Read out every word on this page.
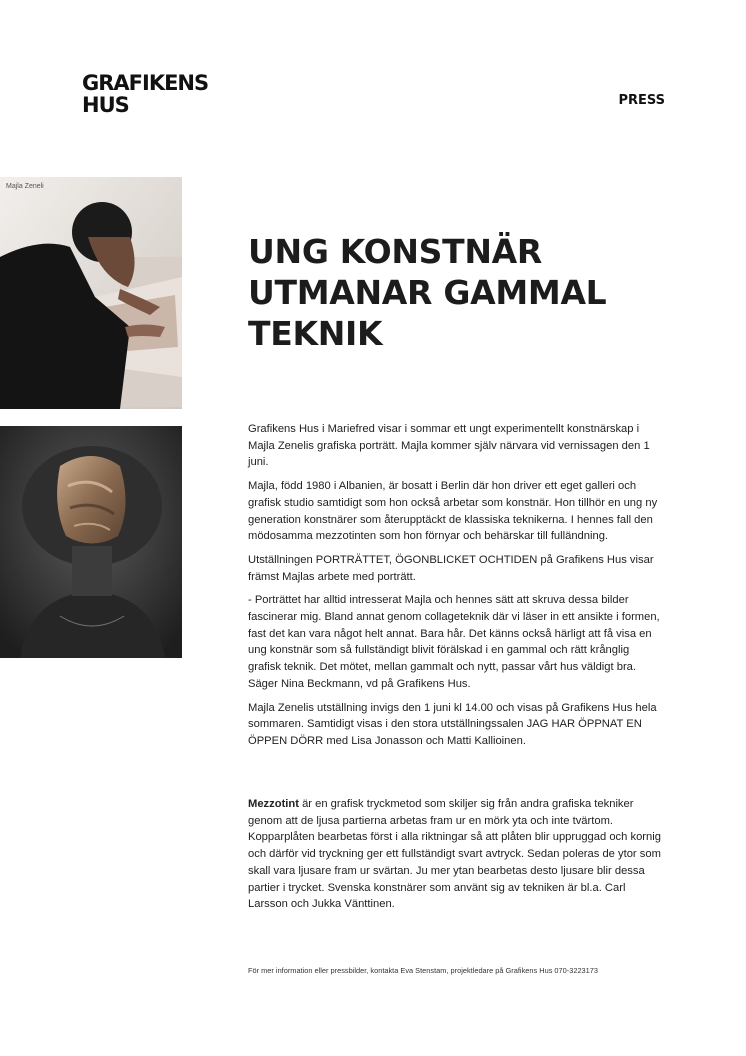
GRAFIKENS
HUS	PRESS
Majla Zeneli
UNG KONSTNÄR
UTMANAR GAMMAL
TEKNIK

Grafikens Hus i Mariefred visar i sommar ett ungt experimentellt konstnärskap i Majla Zenelis grafiska porträtt. Majla kommer själv närvara vid vernissagen den 1 juni.

Majla, född 1980 i Albanien, är bosatt i Berlin där hon driver ett eget galleri och grafisk studio samtidigt som hon också arbetar som konstnär. Hon tillhör en ung ny generation konstnärer som återupptäckt de klassiska teknikerna. I hennes fall den mödosamma mezzotinten som hon förnyar och behärskar till fulländning.

Utställningen PORTRÄTTET, ÖGONBLICKET OCHTIDEN på Grafikens Hus visar främst Majlas arbete med porträtt.

- Porträttet har alltid intresserat Majla och hennes sätt att skruva dessa bilder fascinerar mig. Bland annat genom collageteknik där vi läser in ett ansikte i formen, fast det kan vara något helt annat. Bara hår. Det känns också härligt att få visa en ung konstnär som så fullständigt blivit förälskad i en gammal och rätt krånglig grafisk teknik. Det mötet, mellan gammalt och nytt, passar vårt hus väldigt bra. Säger Nina Beckmann, vd på Grafikens Hus.

Majla Zenelis utställning invigs den 1 juni kl 14.00 och visas på Grafikens Hus hela sommaren. Samtidigt visas i den stora utställningssalen JAG HAR ÖPPNAT EN ÖPPEN DÖRR med Lisa Jonasson och Matti Kallioinen.

Mezzotint är en grafisk tryckmetod som skiljer sig från andra grafiska tekniker genom att de ljusa partierna arbetas fram ur en mörk yta och inte tvärtom. Kopparplåten bearbetas först i alla riktningar så att plåten blir uppruggad och kornig och därför vid tryckning ger ett fullständigt svart avtryck. Sedan poleras de ytor som skall vara ljusare fram ur svärtan. Ju mer ytan bearbetas desto ljusare blir dessa partier i trycket. Svenska konstnärer som använt sig av tekniken är bl.a. Carl Larsson och Jukka Vänttinen.

För mer information eller pressbilder, kontakta Eva Stenstam, projektledare på Grafikens Hus 070-3223173
